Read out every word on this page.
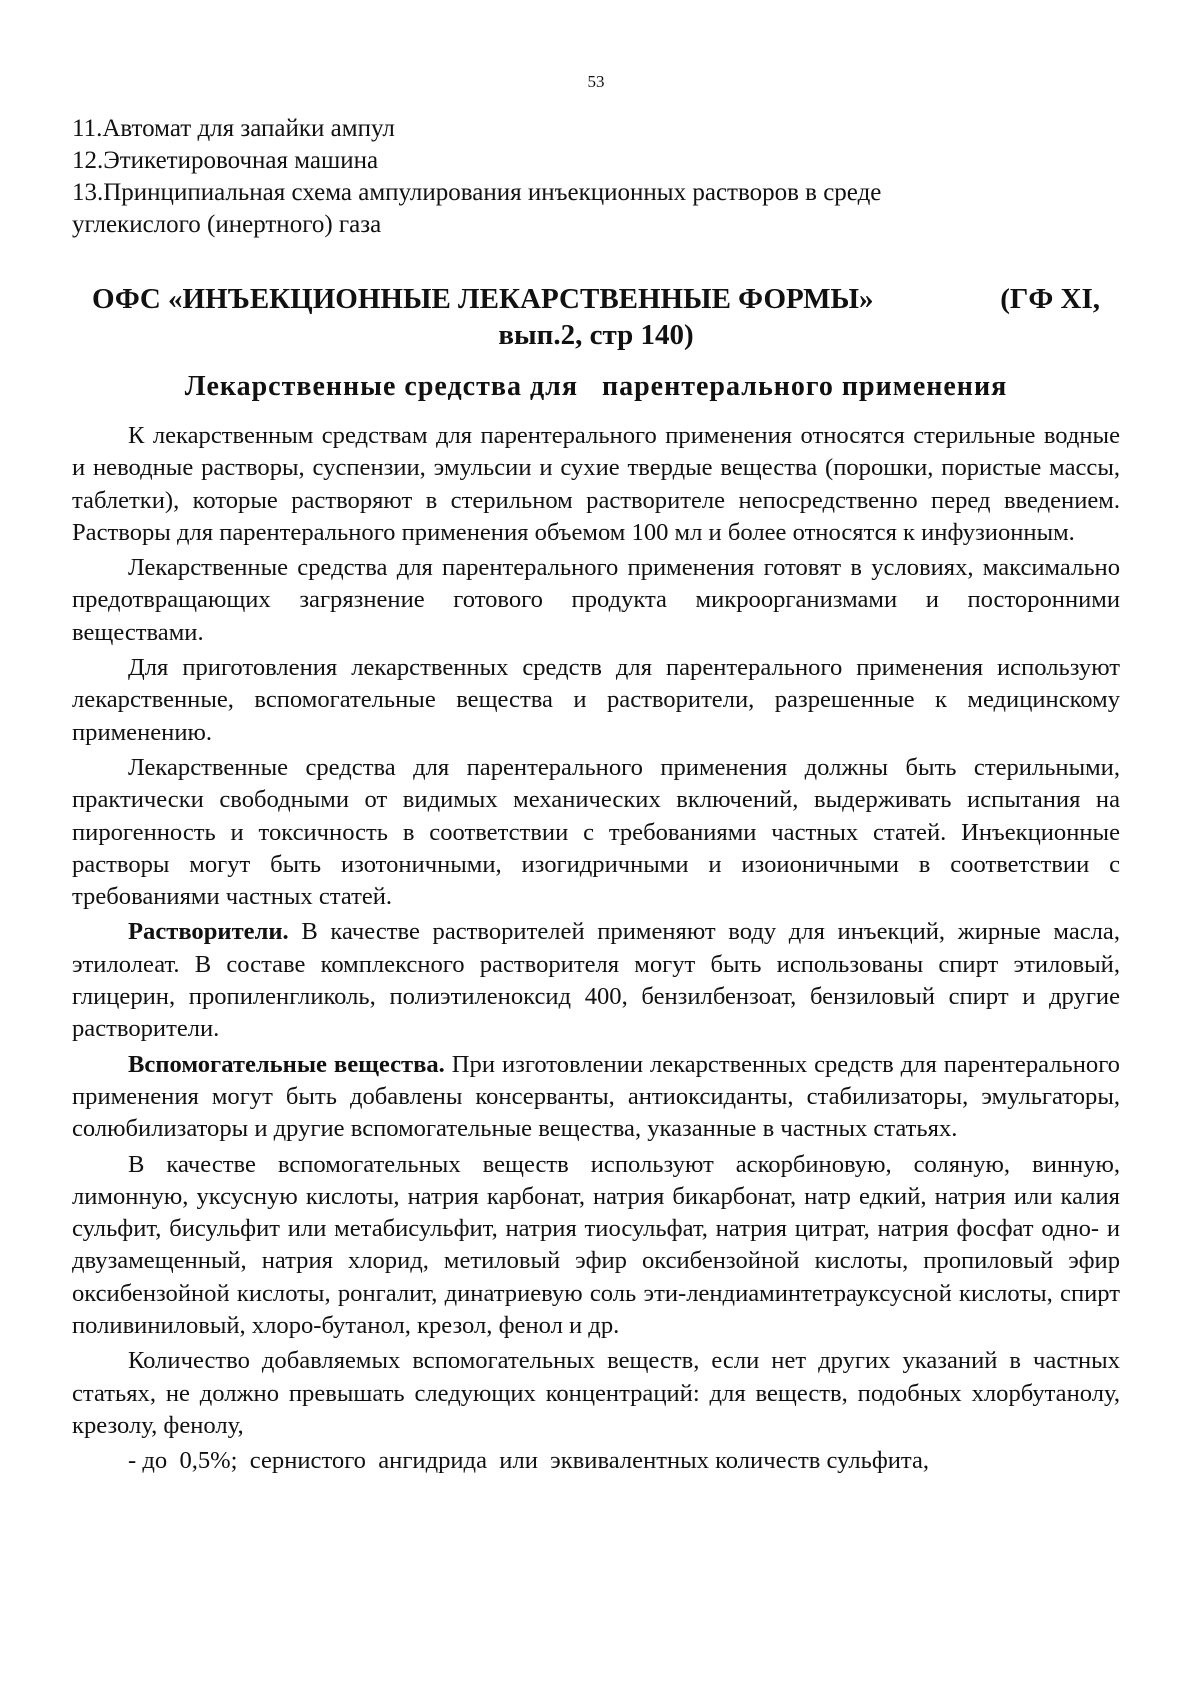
53
11.Автомат для запайки ампул
12.Этикетировочная машина
13.Принципиальная схема ампулирования инъекционных растворов в среде
углекислого (инертного) газа
ОФС «ИНЪЕКЦИОННЫЕ ЛЕКАРСТВЕННЫЕ ФОРМЫ»	(ГФ XI,
вып.2, стр 140)
Лекарственные средства для   парентерального применения

К лекарственным средствам для парентерального применения относятся стерильные водные и неводные растворы, суспензии, эмульсии и сухие твердые вещества (порошки, пористые массы, таблетки), которые растворяют в стерильном растворителе непосредственно перед введением. Растворы для парентерального применения объемом 100 мл и более относятся к инфузионным.

Лекарственные средства для парентерального применения готовят в условиях, максимально предотвращающих загрязнение готового продукта микроорганизмами и посторонними веществами.

Для приготовления лекарственных средств для парентерального применения используют лекарственные, вспомогательные вещества и растворители, разрешенные к медицинскому применению.

Лекарственные средства для парентерального применения должны быть стерильными, практически свободными от видимых механических включений, выдерживать испытания на пирогенность и токсичность в соответствии с требованиями частных статей. Инъекционные растворы могут быть изотоничными, изогидричными и изоионичными в соответствии с требованиями частных статей.

Растворители. В качестве растворителей применяют воду для инъекций, жирные масла, этилолеат. В составе комплексного растворителя могут быть использованы спирт этиловый, глицерин, пропиленгликоль, полиэтиленоксид 400, бензилбензоат, бензиловый спирт и другие растворители.

Вспомогательные вещества. При изготовлении лекарственных средств для парентерального применения могут быть добавлены консерванты, антиоксиданты, стабилизаторы, эмульгаторы, солюбилизаторы и другие вспомогательные вещества, указанные в частных статьях.

В качестве вспомогательных веществ используют аскорбиновую, соляную, винную, лимонную, уксусную кислоты, натрия карбонат, натрия бикарбонат, натр едкий, натрия или калия сульфит, бисульфит или метабисульфит, натрия тиосульфат, натрия цитрат, натрия фосфат одно- и двузамещенный, натрия хлорид, метиловый эфир оксибензойной кислоты, пропиловый эфир оксибензойной кислоты, ронгалит, динатриевую соль эти-лендиаминтетрауксусной кислоты, спирт поливиниловый, хлоро-бутанол, крезол, фенол и др.

Количество добавляемых вспомогательных веществ, если нет других указаний в частных статьях, не должно превышать следующих концентраций: для веществ, подобных хлорбутанолу, крезолу, фенолу,

- до  0,5%;  сернистого  ангидрида  или  эквивалентных количеств сульфита,
